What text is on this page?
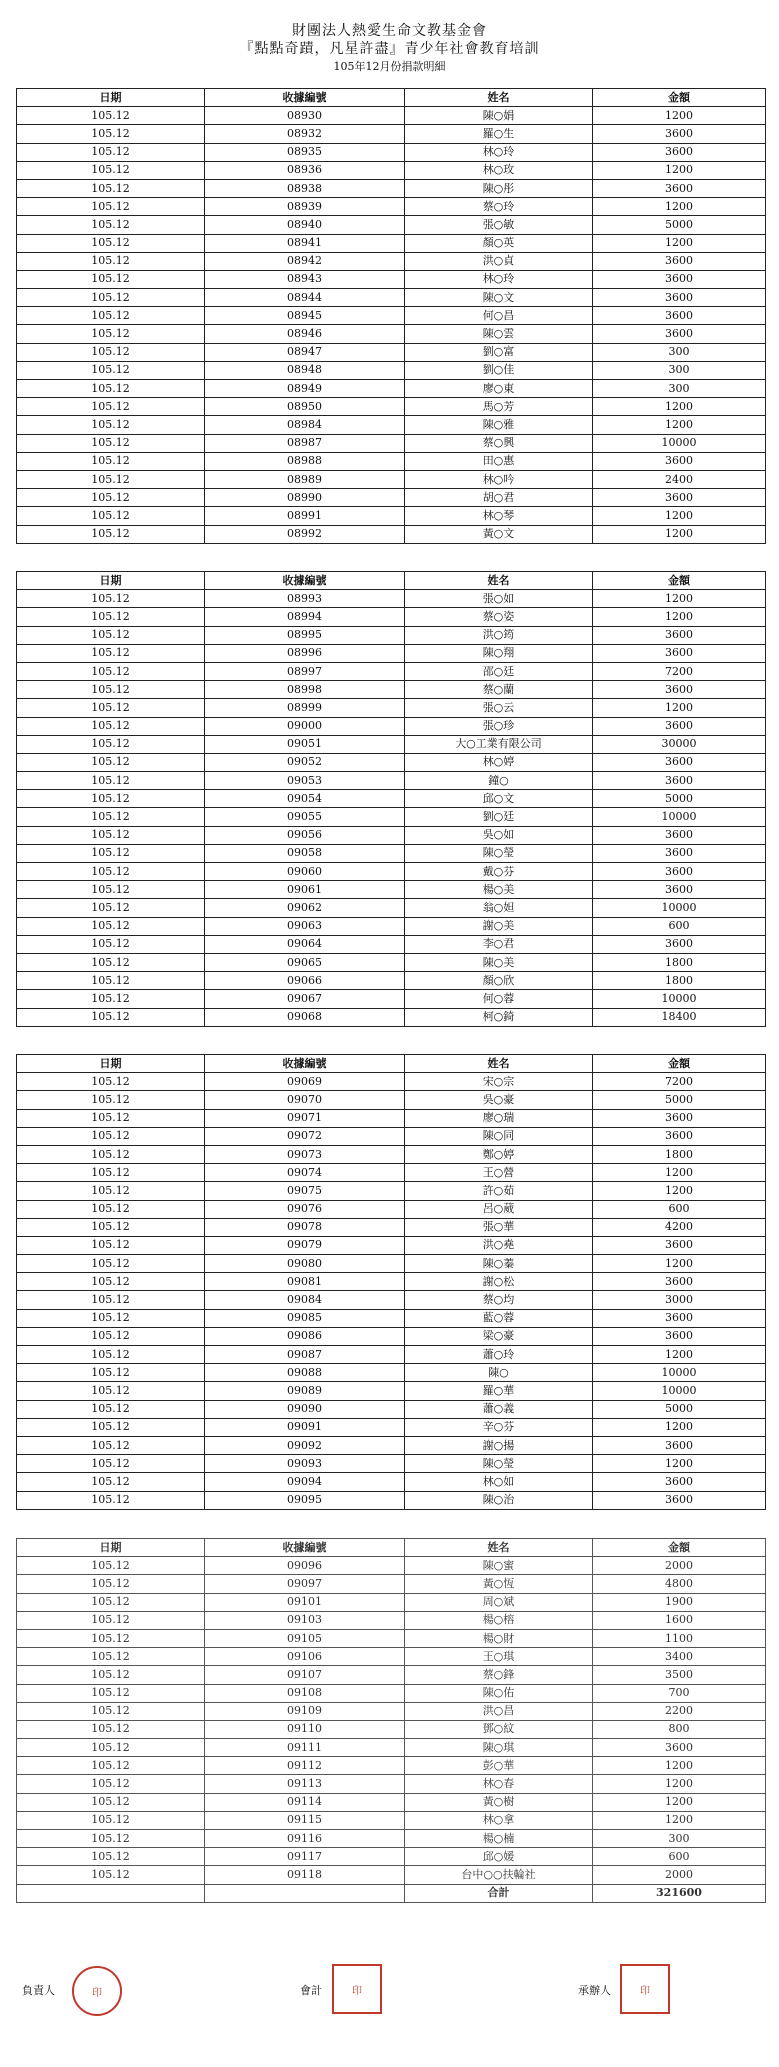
財團法人熱愛生命文教基金會
『點點奇蹟，凡星許盡』青少年社會教育培訓
105年12月份捐款明細
日期	收據編號	姓名	金額
105.12	08930	陳○娟	1200
105.12	08932	羅○生	3600
105.12	08935	林○玲	3600
105.12	08936	林○玫	1200
105.12	08938	陳○彤	3600
105.12	08939	蔡○玲	1200
105.12	08940	張○敏	5000
105.12	08941	顏○英	1200
105.12	08942	洪○貞	3600
105.12	08943	林○玲	3600
105.12	08944	陳○文	3600
105.12	08945	何○昌	3600
105.12	08946	陳○雲	3600
105.12	08947	劉○富	300
105.12	08948	劉○佳	300
105.12	08949	廖○東	300
105.12	08950	馬○芳	1200
105.12	08984	陳○雅	1200
105.12	08987	蔡○興	10000
105.12	08988	田○惠	3600
105.12	08989	林○吟	2400
105.12	08990	胡○君	3600
105.12	08991	林○琴	1200
105.12	08992	黃○文	1200
日期	收據編號	姓名	金額
105.12	08993	張○如	1200
105.12	08994	蔡○姿	1200
105.12	08995	洪○筠	3600
105.12	08996	陳○翔	3600
105.12	08997	邵○廷	7200
105.12	08998	蔡○蘭	3600
105.12	08999	張○云	1200
105.12	09000	張○珍	3600
105.12	09051	大○工業有限公司	30000
105.12	09052	林○婷	3600
105.12	09053	鐘○	3600
105.12	09054	邱○文	5000
105.12	09055	劉○廷	10000
105.12	09056	吳○如	3600
105.12	09058	陳○瑩	3600
105.12	09060	戴○芬	3600
105.12	09061	楊○美	3600
105.12	09062	翁○妲	10000
105.12	09063	謝○美	600
105.12	09064	李○君	3600
105.12	09065	陳○美	1800
105.12	09066	顏○欣	1800
105.12	09067	何○蓉	10000
105.12	09068	柯○錡	18400
日期	收據編號	姓名	金額
105.12	09069	宋○宗	7200
105.12	09070	吳○豪	5000
105.12	09071	廖○瑞	3600
105.12	09072	陳○同	3600
105.12	09073	鄭○婷	1800
105.12	09074	王○營	1200
105.12	09075	許○茹	1200
105.12	09076	呂○葳	600
105.12	09078	張○華	4200
105.12	09079	洪○堯	3600
105.12	09080	陳○蓁	1200
105.12	09081	謝○松	3600
105.12	09084	蔡○均	3000
105.12	09085	藍○蓉	3600
105.12	09086	梁○豪	3600
105.12	09087	蕭○玲	1200
105.12	09088	陳○	10000
105.12	09089	羅○華	10000
105.12	09090	蕭○義	5000
105.12	09091	辛○芬	1200
105.12	09092	謝○揚	3600
105.12	09093	陳○瑩	1200
105.12	09094	林○如	3600
105.12	09095	陳○治	3600
日期	收據編號	姓名	金額
105.12	09096	陳○蜜	2000
105.12	09097	黃○恆	4800
105.12	09101	周○斌	1900
105.12	09103	楊○榕	1600
105.12	09105	楊○財	1100
105.12	09106	王○琪	3400
105.12	09107	蔡○鋒	3500
105.12	09108	陳○佑	700
105.12	09109	洪○昌	2200
105.12	09110	鄧○紋	800
105.12	09111	陳○琪	3600
105.12	09112	彭○華	1200
105.12	09113	林○春	1200
105.12	09114	黃○樹	1200
105.12	09115	林○拿	1200
105.12	09116	楊○楠	300
105.12	09117	邱○媛	600
105.12	09118	台中○○扶輪社	2000
		合計	321600
負責人	印	會計	印	承辦人	印
